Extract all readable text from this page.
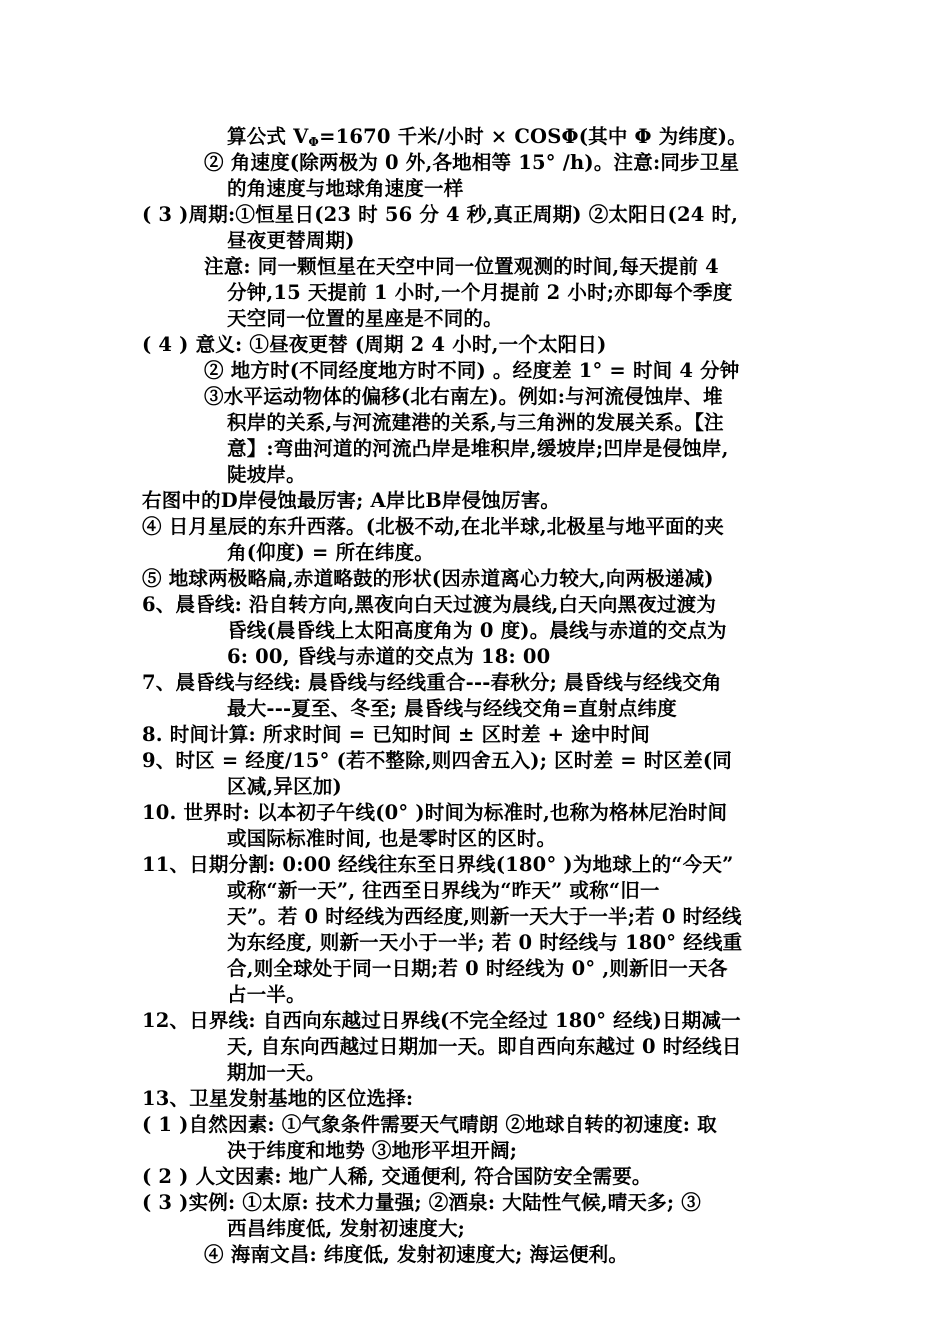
算公式 $V_\Phi=1670$ 千米/小时 × COSΦ(其中 Φ 为纬度)。
② 角速度(除两极为 0 外,各地相等 15° /h)。注意:同步卫星
的角速度与地球角速度一样
( 3 )周期:①恒星日(23 时 56 分 4 秒,真正周期) ②太阳日(24 时,
昼夜更替周期)
注意: 同一颗恒星在天空中同一位置观测的时间,每天提前 4
分钟,15 天提前 1 小时,一个月提前 2 小时;亦即每个季度
天空同一位置的星座是不同的。
( 4 ) 意义: ①昼夜更替 (周期 2 4 小时,一个太阳日)
② 地方时(不同经度地方时不同) 。经度差 1° = 时间 4 分钟
③水平运动物体的偏移(北右南左)。例如:与河流侵蚀岸、堆
积岸的关系,与河流建港的关系,与三角洲的发展关系。【注
意】:弯曲河道的河流凸岸是堆积岸,缓坡岸;凹岸是侵蚀岸,
陡坡岸。
右图中的D岸侵蚀最厉害; A岸比B岸侵蚀厉害。
④ 日月星辰的东升西落。(北极不动,在北半球,北极星与地平面的夹
角(仰度) = 所在纬度。
⑤ 地球两极略扁,赤道略鼓的形状(因赤道离心力较大,向两极递减)
6、晨昏线: 沿自转方向,黑夜向白天过渡为晨线,白天向黑夜过渡为
昏线(晨昏线上太阳高度角为 0 度)。晨线与赤道的交点为
6: 00, 昏线与赤道的交点为 18: 00
7、晨昏线与经线: 晨昏线与经线重合---春秋分; 晨昏线与经线交角
最大---夏至、冬至; 晨昏线与经线交角=直射点纬度
8. 时间计算: 所求时间 = 已知时间 ± 区时差 + 途中时间
9、时区 = 经度/15° (若不整除,则四舍五入); 区时差 = 时区差(同
区减,异区加)
10. 世界时: 以本初子午线(0° )时间为标准时,也称为格林尼治时间
或国际标准时间, 也是零时区的区时。
11、日期分割: 0:00 经线往东至日界线(180° )为地球上的“今天”
或称“新一天”, 往西至日界线为“昨天” 或称“旧一
天”。若 0 时经线为西经度,则新一天大于一半;若 0 时经线
为东经度, 则新一天小于一半; 若 0 时经线与 180° 经线重
合,则全球处于同一日期;若 0 时经线为 0° ,则新旧一天各
占一半。
12、日界线: 自西向东越过日界线(不完全经过 180° 经线)日期减一
天, 自东向西越过日期加一天。即自西向东越过 0 时经线日
期加一天。
13、卫星发射基地的区位选择:
( 1 )自然因素: ①气象条件需要天气晴朗 ②地球自转的初速度: 取
决于纬度和地势 ③地形平坦开阔;
( 2 ) 人文因素: 地广人稀, 交通便利, 符合国防安全需要。
( 3 )实例: ①太原: 技术力量强; ②酒泉: 大陆性气候,晴天多; ③
西昌纬度低, 发射初速度大;
④ 海南文昌: 纬度低, 发射初速度大; 海运便利。
